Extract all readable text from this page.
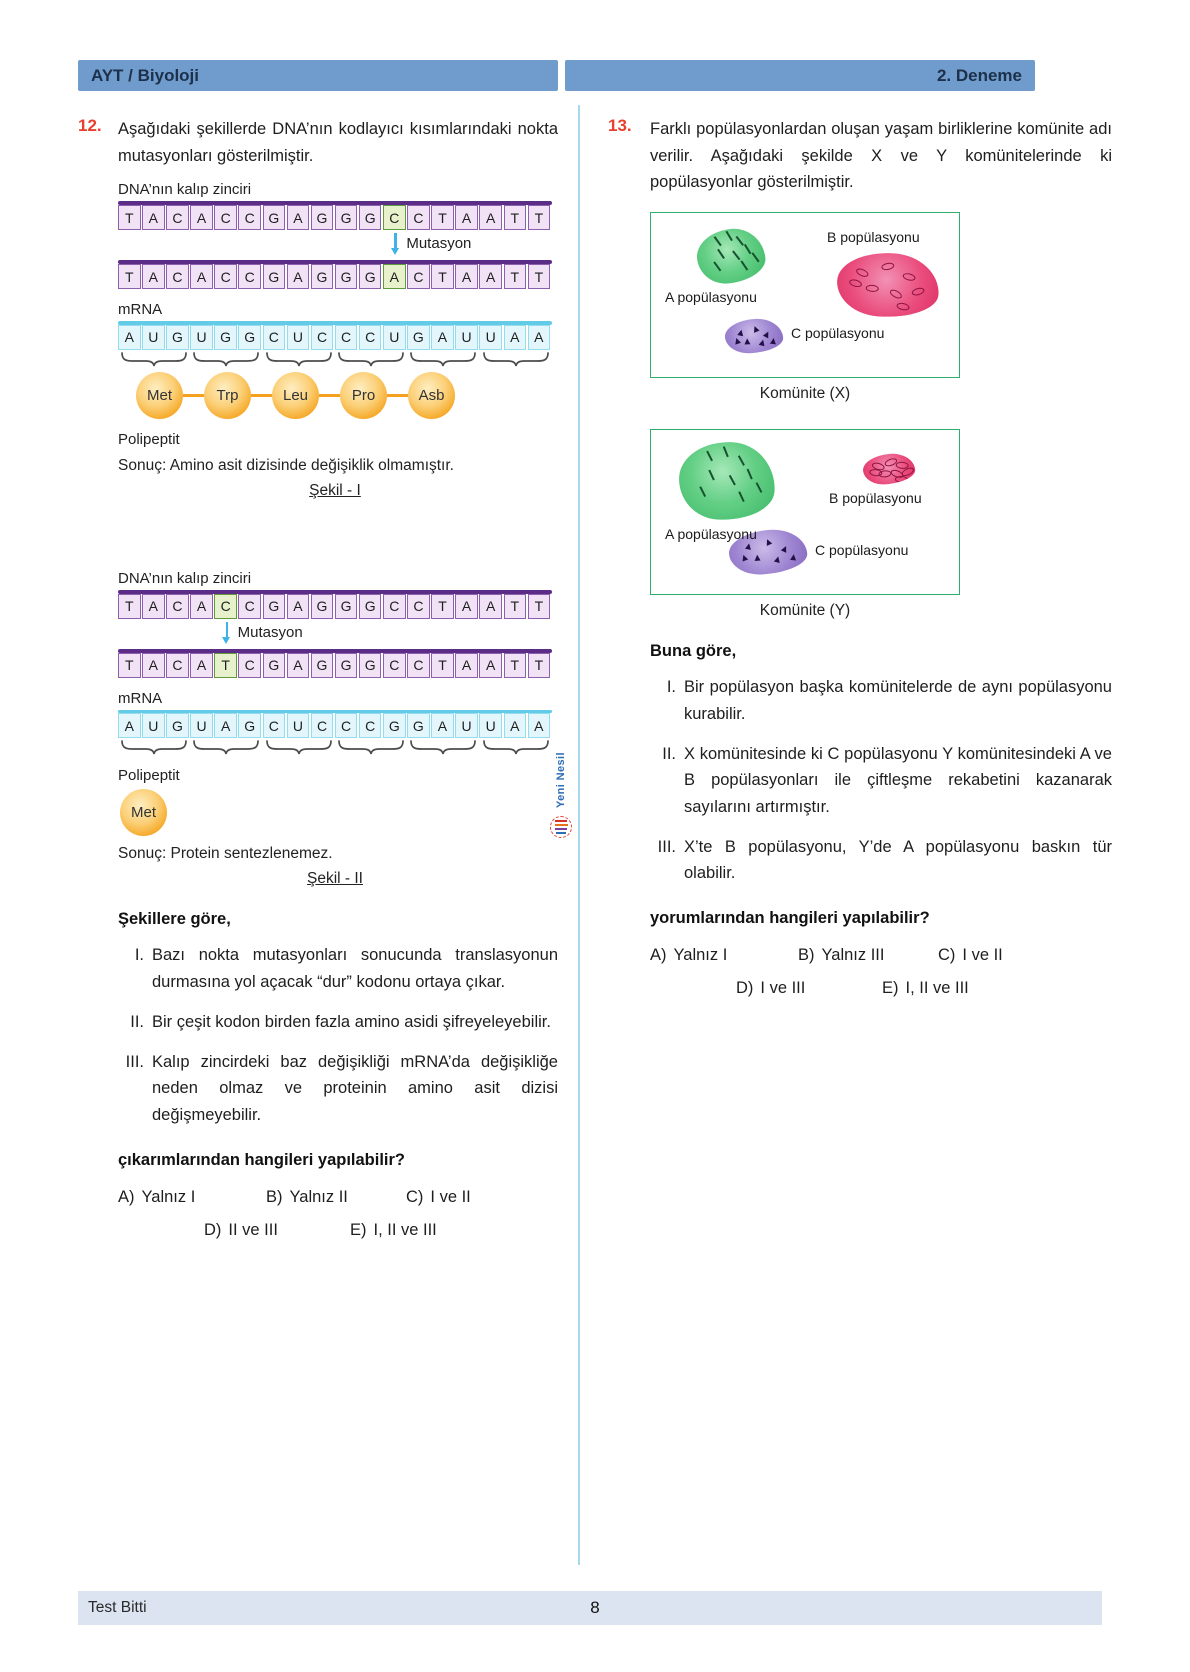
AYT / Biyoloji	2. Deneme
Yeni Nesil
12. Aşağıdaki şekillerde DNA’nın kodlayıcı kısımlarındaki nokta mutasyonları gösterilmiştir.

DNA’nın kalıp zinciri
T	A	C	A	C C G A G G G C C	T	A	A	T	T
Mutasyon
T	A	C	A	C C G A G G G A	C	T	A	A	T	T
mRNA
A	U G U G G C U C C C U G A	U U	A	A
Met	Trp	Leu	Pro	Asb
Polipeptit
Sonuç: Amino asit dizisinde değişiklik olmamıştır.
Şekil - I
DNA’nın kalıp zinciri
T	A	C	A	C C G A G G G C C	T	A	A	T	T
Mutasyon
T	A	C	A	T	C G A G G G C C	T	A	A	T	T
mRNA
A	U G U	A G C U C C C G G A	U U	A	A
Polipeptit
Met
Sonuç: Protein sentezlenemez.
Şekil - II

Şekillere göre,

I. Bazı nokta mutasyonları sonucunda translasyonun durmasına yol açacak “dur” kodonu ortaya çıkar.
II. Bir çeşit kodon birden fazla amino asidi şifreyeleyebilir.
III. Kalıp zincirdeki baz değişikliği mRNA’da değişikliğe neden olmaz ve proteinin amino asit dizisi değişmeyebilir.

çıkarımlarından hangileri yapılabilir?

A) Yalnız I	B) Yalnız II	C) I ve II
D) II ve III	E) I, II ve III
13.	Farklı popülasyonlardan oluşan yaşam birliklerine komünite adı verilir. Aşağıdaki şekilde X ve Y komünitelerinde ki popülasyonlar gösterilmiştir.

A popülasyonu
B popülasyonu
C popülasyonu
Komünite (X)
A popülasyonu
B popülasyonu
C popülasyonu
Komünite (Y)

Buna göre,

I. Bir popülasyon başka komünitelerde de aynı popülasyonu kurabilir.
II. X komünitesinde ki C popülasyonu Y komünitesindeki A ve B popülasyonları ile çiftleşme rekabetini kazanarak sayılarını artırmıştır.
III. X’te B popülasyonu, Y’de A popülasyonu baskın tür olabilir.

yorumlarından hangileri yapılabilir?

A) Yalnız I	B) Yalnız III	C) I ve II
D) I ve III	E) I, II ve III
Test Bitti	8
